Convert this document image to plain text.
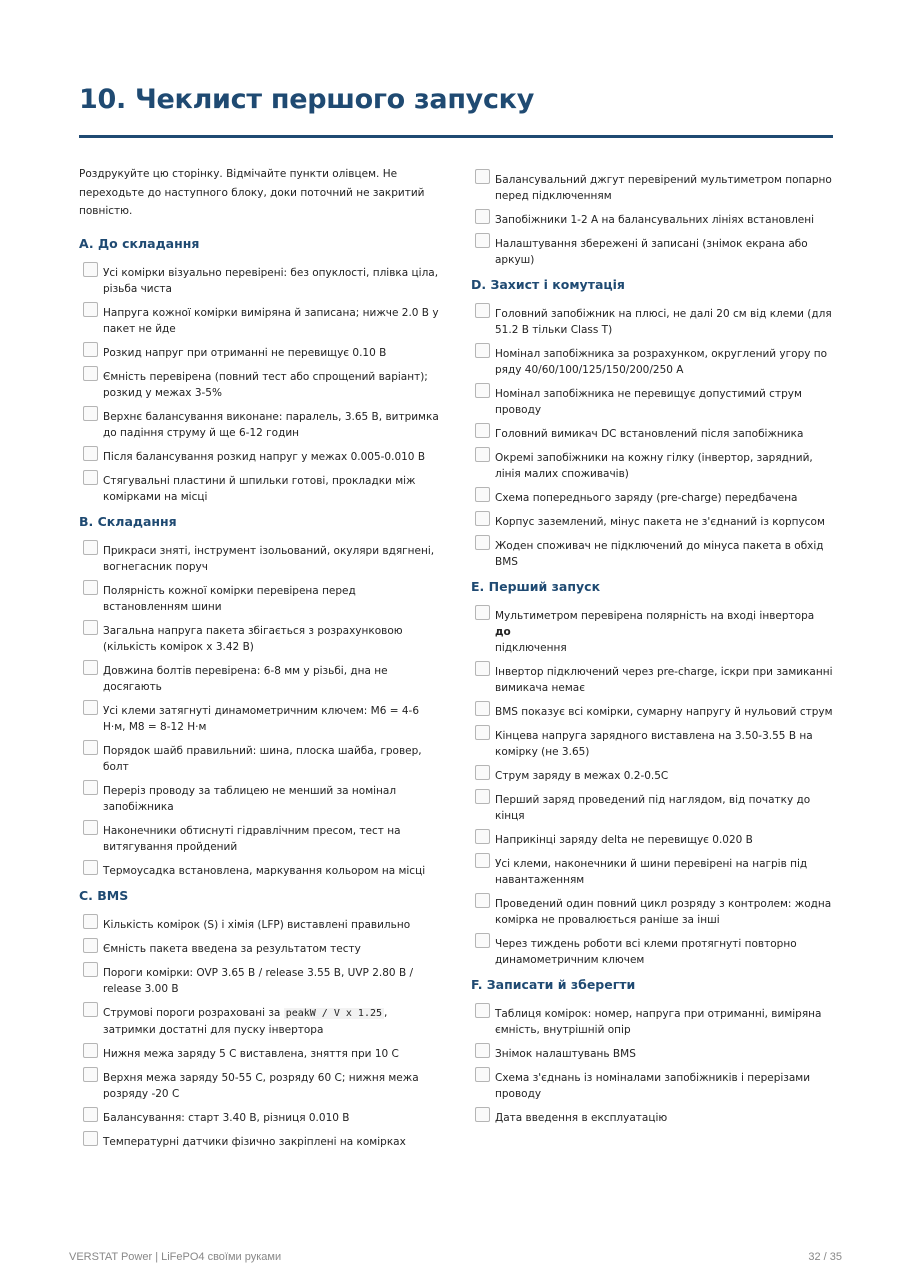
10. Чеклист першого запуску

Роздрукуйте цю сторінку. Відмічайте пункти олівцем. Не переходьте до наступного блоку, доки поточний не закритий повністю.

A. До складання
Усі комірки візуально перевірені: без опуклості, плівка ціла, різьба чиста
Напруга кожної комірки виміряна й записана; нижче 2.0 В у пакет не йде
Розкид напруг при отриманні не перевищує 0.10 В
Ємність перевірена (повний тест або спрощений варіант); розкид у межах 3-5%
Верхнє балансування виконане: паралель, 3.65 В, витримка до падіння струму й ще 6-12 годин
Після балансування розкид напруг у межах 0.005-0.010 В
Стягувальні пластини й шпильки готові, прокладки між комірками на місці
B. Складання
Прикраси зняті, інструмент ізольований, окуляри вдягнені, вогнегасник поруч
Полярність кожної комірки перевірена перед встановленням шини
Загальна напруга пакета збігається з розрахунковою (кількість комірок x 3.42 В)
Довжина болтів перевірена: 6-8 мм у різьбі, дна не досягають
Усі клеми затягнуті динамометричним ключем: M6 = 4-6 Н·м, M8 = 8-12 Н·м
Порядок шайб правильний: шина, плоска шайба, гровер, болт
Переріз проводу за таблицею не менший за номінал запобіжника
Наконечники обтиснуті гідравлічним пресом, тест на витягування пройдений
Термоусадка встановлена, маркування кольором на місці
C. BMS
Кількість комірок (S) і хімія (LFP) виставлені правильно
Ємність пакета введена за результатом тесту
Пороги комірки: OVP 3.65 В / release 3.55 В, UVP 2.80 В / release 3.00 В
Струмові пороги розраховані за peakW / V x 1.25 , затримки достатні для пуску інвертора
Нижня межа заряду 5 C виставлена, зняття при 10 C
Верхня межа заряду 50-55 C, розряду 60 C; нижня межа розряду -20 C
Балансування: старт 3.40 В, різниця 0.010 В
Температурні датчики фізично закріплені на комірках
Балансувальний джгут перевірений мультиметром попарно перед підключенням
Запобіжники 1-2 А на балансувальних лініях встановлені
Налаштування збережені й записані (знімок екрана або аркуш)
D. Захист і комутація
Головний запобіжник на плюсі, не далі 20 см від клеми (для 51.2 В тільки Class T)
Номінал запобіжника за розрахунком, округлений угору по ряду 40/60/100/125/150/200/250 А
Номінал запобіжника не перевищує допустимий струм проводу
Головний вимикач DC встановлений після запобіжника
Окремі запобіжники на кожну гілку (інвертор, зарядний, лінія малих споживачів)
Схема попереднього заряду (pre-charge) передбачена
Корпус заземлений, мінус пакета не з'єднаний із корпусом
Жоден споживач не підключений до мінуса пакета в обхід BMS
E. Перший запуск
Мультиметром перевірена полярність на вході інвертора до
підключення
Інвертор підключений через pre-charge, іскри при замиканні вимикача немає
BMS показує всі комірки, сумарну напругу й нульовий струм
Кінцева напруга зарядного виставлена на 3.50-3.55 В на комірку (не 3.65)
Струм заряду в межах 0.2-0.5C
Перший заряд проведений під наглядом, від початку до кінця
Наприкінці заряду delta не перевищує 0.020 В
Усі клеми, наконечники й шини перевірені на нагрів під навантаженням
Проведений один повний цикл розряду з контролем: жодна комірка не провалюється раніше за інші
Через тиждень роботи всі клеми протягнуті повторно динамометричним ключем
F. Записати й зберегти
Таблиця комірок: номер, напруга при отриманні, виміряна ємність, внутрішній опір
Знімок налаштувань BMS
Схема з'єднань із номіналами запобіжників і перерізами проводу
Дата введення в експлуатацію
VERSTAT Power | LiFePO4 своїми руками	32 / 35
